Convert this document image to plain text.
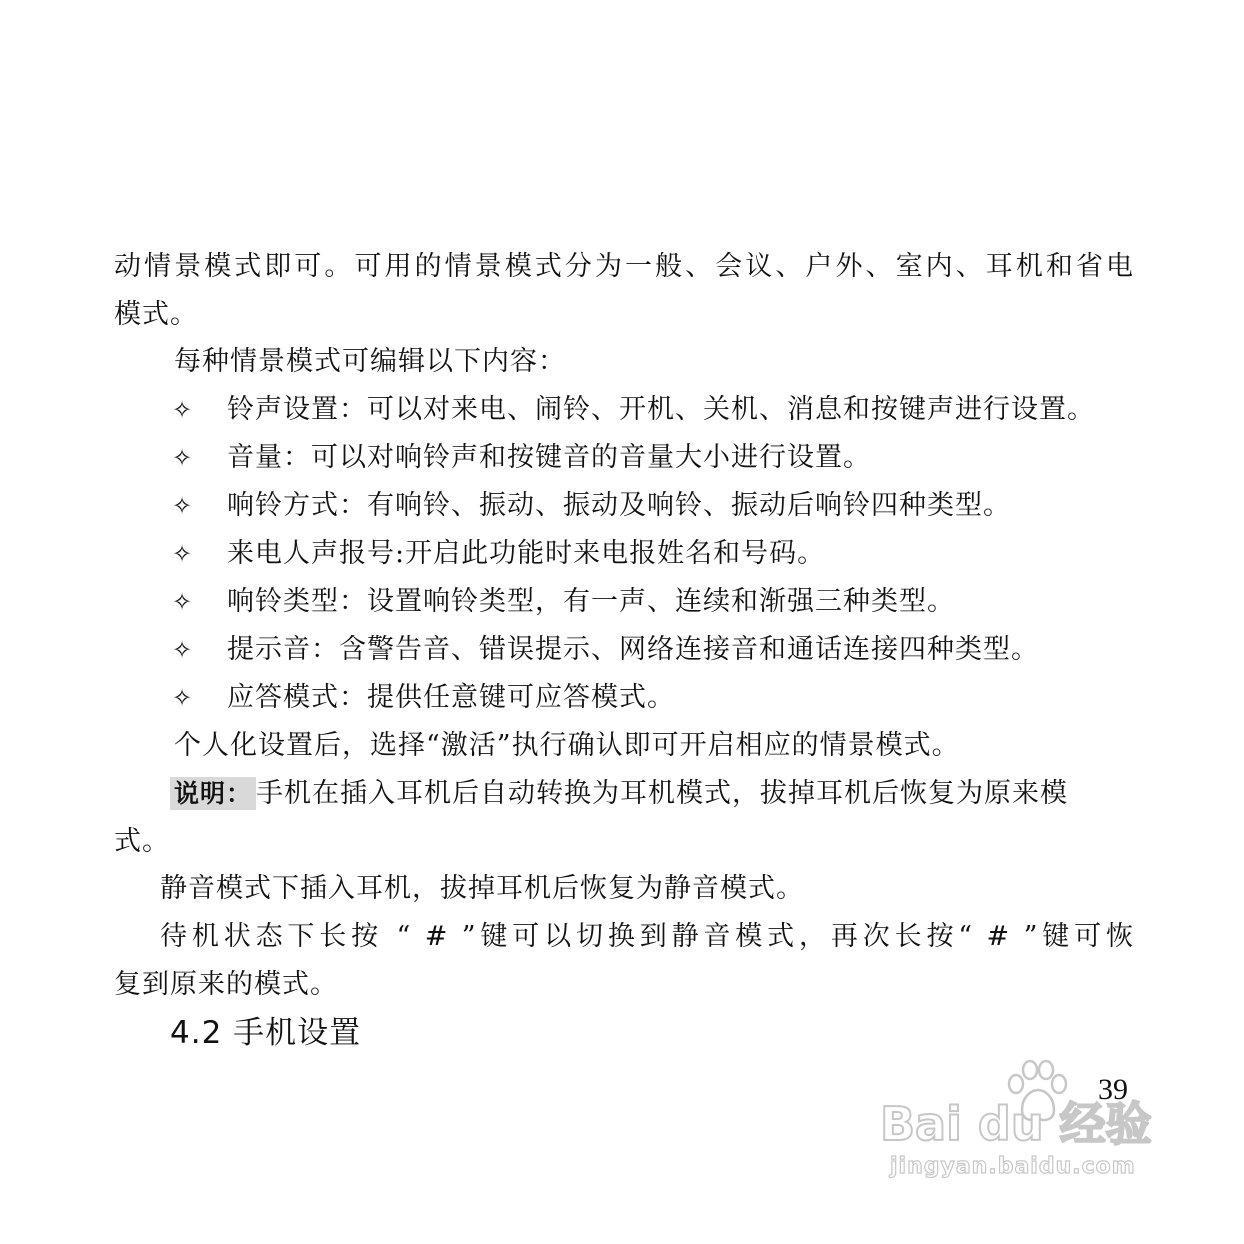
动情景模式即可。可用的情景模式分为一般、会议、户外、室内、耳机和省电
模式。
每种情景模式可编辑以下内容：
✧ 铃声设置：可以对来电、闹铃、开机、关机、消息和按键声进行设置。
✧ 音量：可以对响铃声和按键音的音量大小进行设置。
✧ 响铃方式：有响铃、振动、振动及响铃、振动后响铃四种类型。
✧ 来电人声报号:开启此功能时来电报姓名和号码。
✧ 响铃类型：设置响铃类型，有一声、连续和渐强三种类型。
✧ 提示音：含警告音、错误提示、网络连接音和通话连接四种类型。
✧ 应答模式：提供任意键可应答模式。
个人化设置后，选择“激活”执行确认即可开启相应的情景模式。
说明： 手机在插入耳机后自动转换为耳机模式，拔掉耳机后恢复为原来模
式。
静音模式下插入耳机，拔掉耳机后恢复为静音模式。
待机状态下长按 “ # ”键可以切换到静音模式，再次长按“ # ”键可恢
复到原来的模式。
4.2 手机设置
39
Bai du 经验
jingyan.baidu.com
